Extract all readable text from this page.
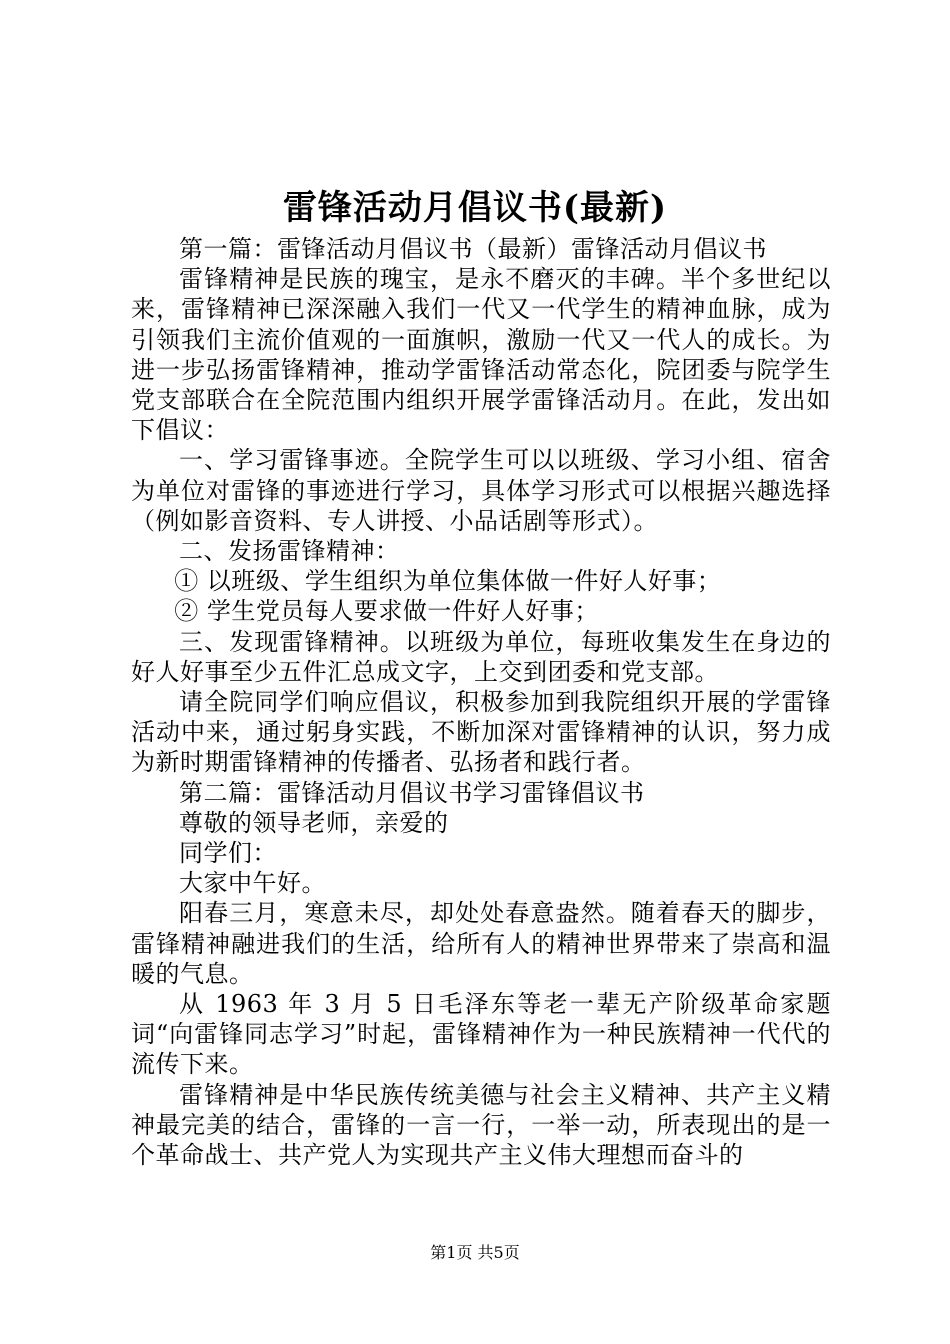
雷锋活动月倡议书(最新)

第一篇：雷锋活动月倡议书（最新）雷锋活动月倡议书

雷锋精神是民族的瑰宝，是永不磨灭的丰碑。半个多世纪以来，雷锋精神已深深融入我们一代又一代学生的精神血脉，成为引领我们主流价值观的一面旗帜，激励一代又一代人的成长。为进一步弘扬雷锋精神，推动学雷锋活动常态化，院团委与院学生党支部联合在全院范围内组织开展学雷锋活动月。在此，发出如下倡议：

一、学习雷锋事迹。全院学生可以以班级、学习小组、宿舍为单位对雷锋的事迹进行学习，具体学习形式可以根据兴趣选择（例如影音资料、专人讲授、小品话剧等形式）。

二、发扬雷锋精神：

① 以班级、学生组织为单位集体做一件好人好事；

② 学生党员每人要求做一件好人好事；

三、发现雷锋精神。以班级为单位，每班收集发生在身边的好人好事至少五件汇总成文字，上交到团委和党支部。

请全院同学们响应倡议，积极参加到我院组织开展的学雷锋活动中来，通过躬身实践，不断加深对雷锋精神的认识，努力成为新时期雷锋精神的传播者、弘扬者和践行者。

第二篇：雷锋活动月倡议书学习雷锋倡议书

尊敬的领导老师，亲爱的

同学们：

大家中午好。

阳春三月，寒意未尽，却处处春意盎然。随着春天的脚步，雷锋精神融进我们的生活，给所有人的精神世界带来了崇高和温暖的气息。

从 1963 年 3 月 5 日毛泽东等老一辈无产阶级革命家题词“向雷锋同志学习”时起，雷锋精神作为一种民族精神一代代的流传下来。

雷锋精神是中华民族传统美德与社会主义精神、共产主义精神最完美的结合，雷锋的一言一行，一举一动，所表现出的是一个革命战士、共产党人为实现共产主义伟大理想而奋斗的

第1页 共5页
